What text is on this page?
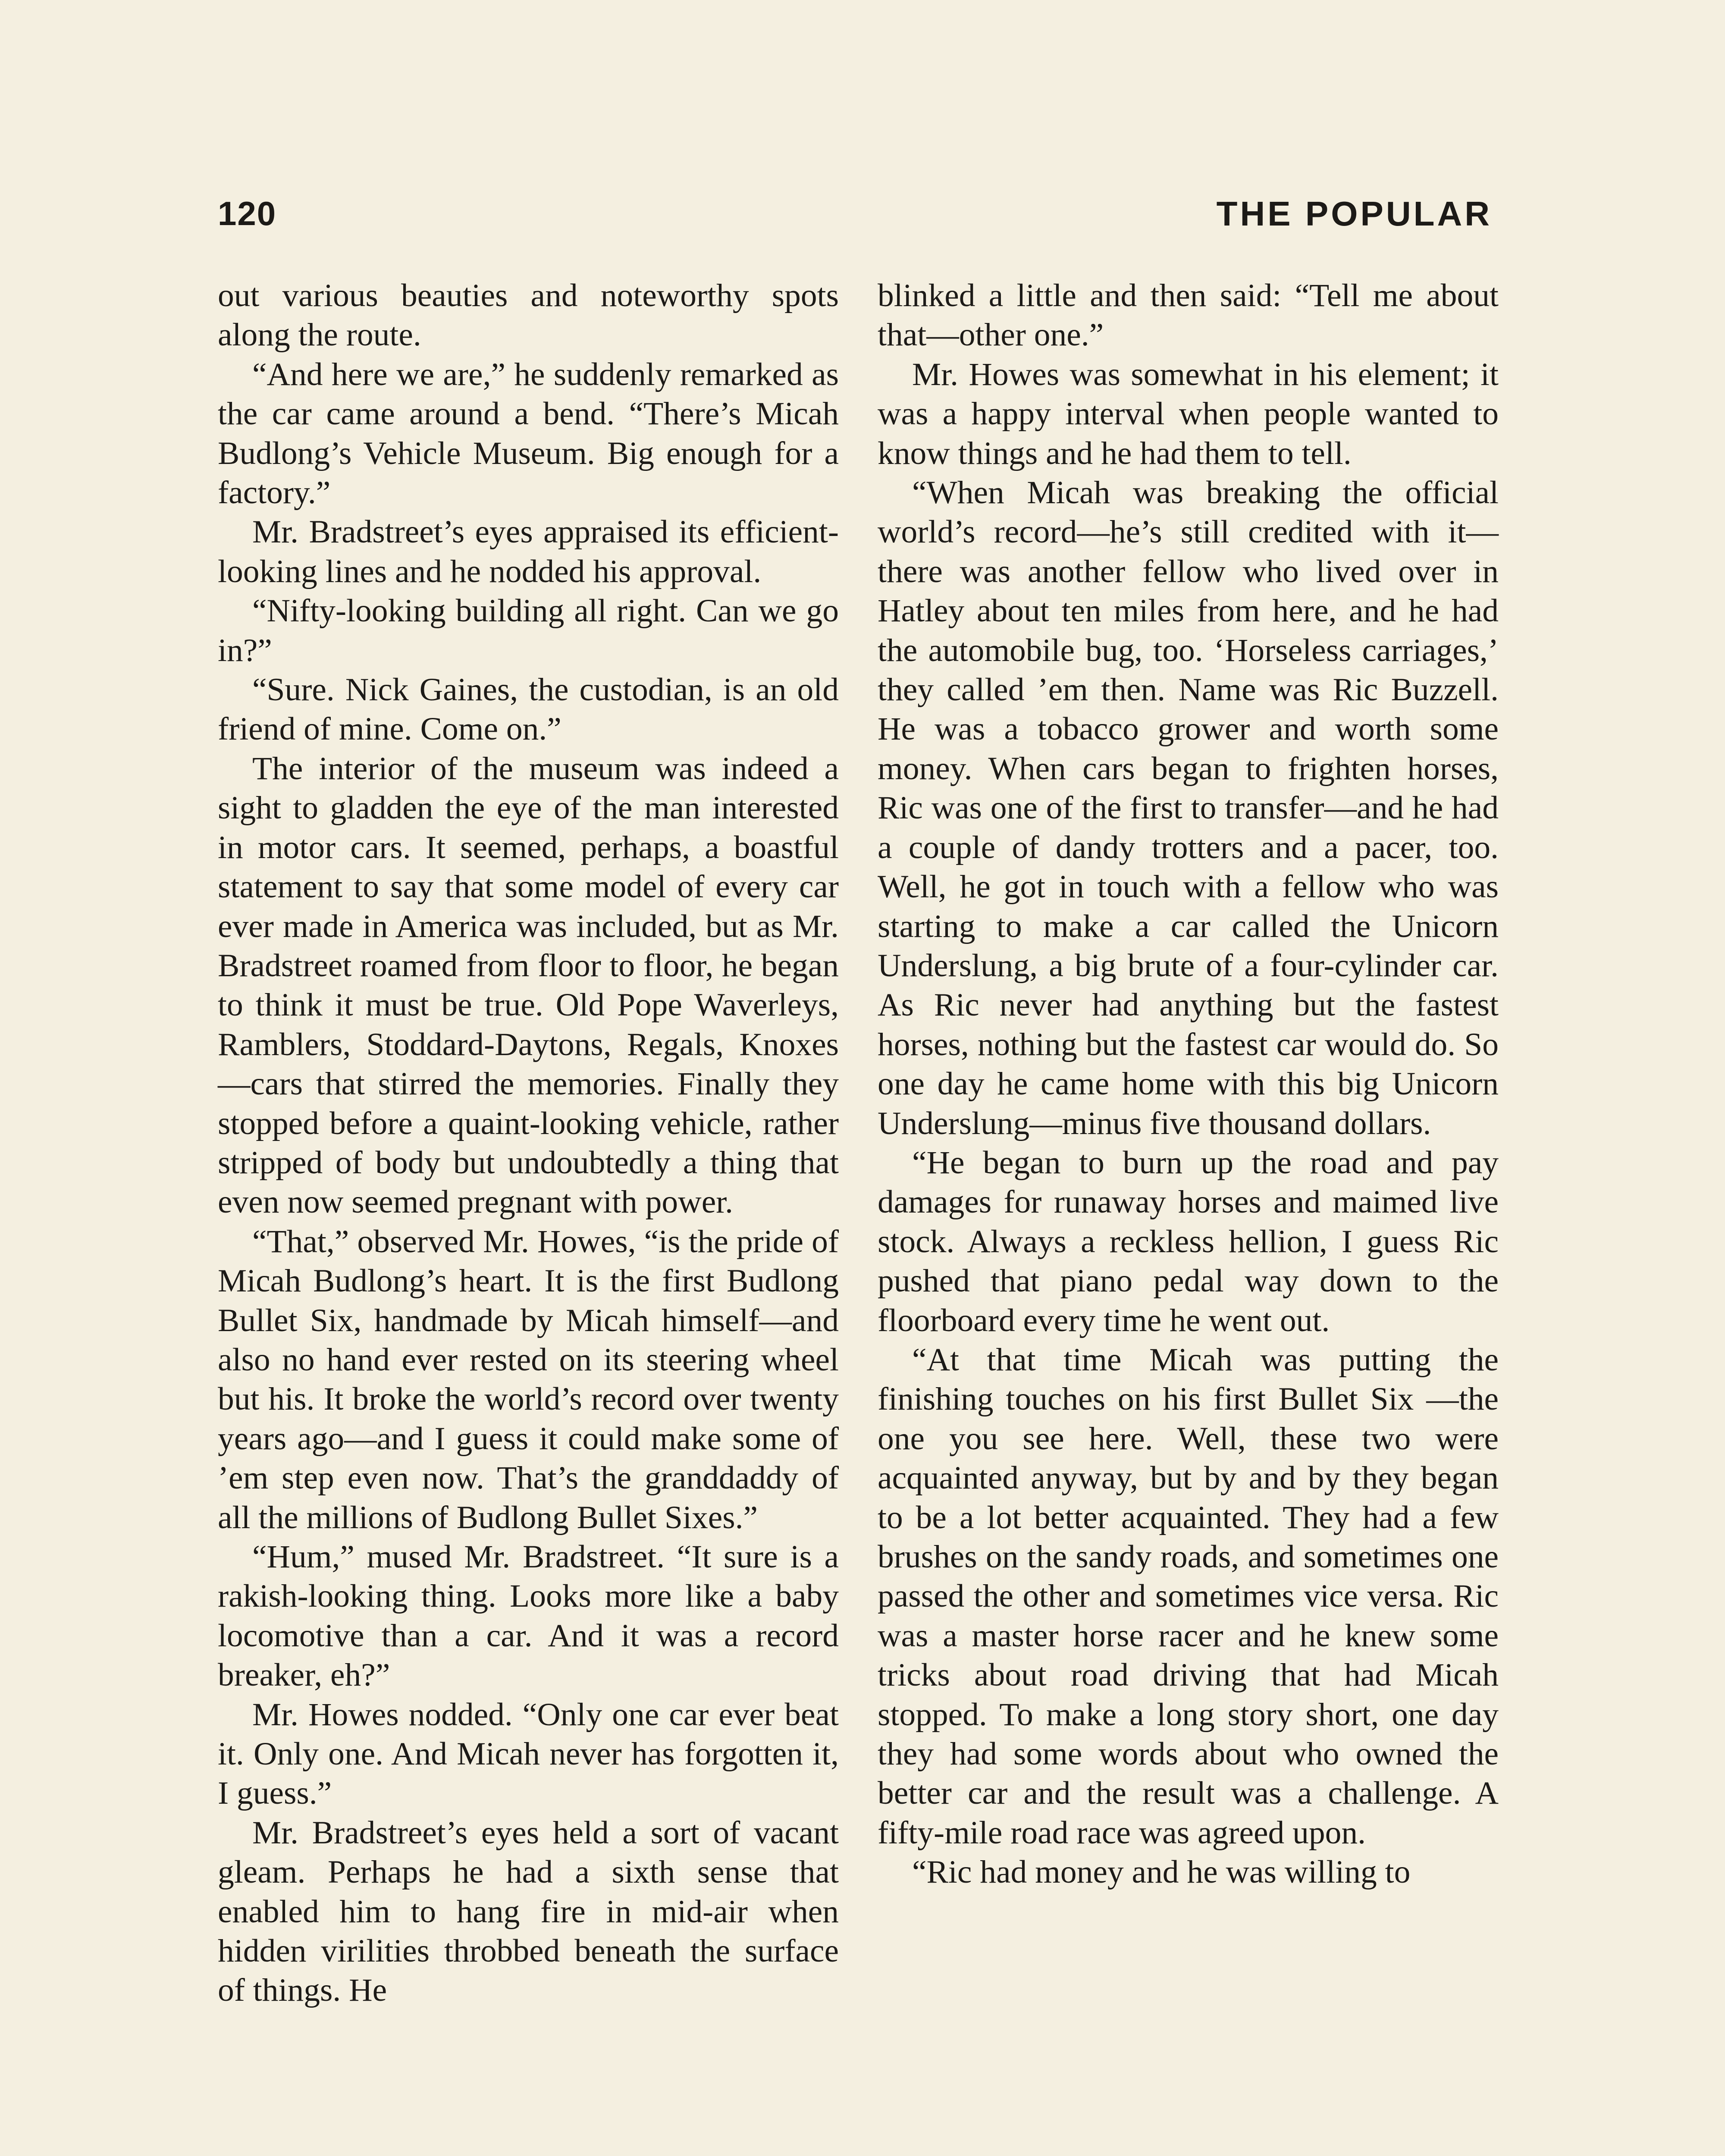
120	THE POPULAR

out various beauties and noteworthy spots along the route.

“And here we are,” he suddenly remarked as the car came around a bend. “There’s Micah Budlong’s Vehicle Museum. Big enough for a factory.”

Mr. Bradstreet’s eyes appraised its efficient-looking lines and he nodded his approval.

“Nifty-looking building all right. Can we go in?”

“Sure. Nick Gaines, the custodian, is an old friend of mine. Come on.”

The interior of the museum was indeed a sight to gladden the eye of the man interested in motor cars. It seemed, perhaps, a boastful statement to say that some model of every car ever made in America was included, but as Mr. Bradstreet roamed from floor to floor, he began to think it must be true. Old Pope Waverleys, Ramblers, Stoddard-Daytons, Regals, Knoxes—cars that stirred the memories. Finally they stopped before a quaint-looking vehicle, rather stripped of body but undoubtedly a thing that even now seemed pregnant with power.

“That,” observed Mr. Howes, “is the pride of Micah Budlong’s heart. It is the first Budlong Bullet Six, handmade by Micah himself—and also no hand ever rested on its steering wheel but his. It broke the world’s record over twenty years ago—and I guess it could make some of ’em step even now. That’s the granddaddy of all the millions of Budlong Bullet Sixes.”

“Hum,” mused Mr. Bradstreet. “It sure is a rakish-looking thing. Looks more like a baby locomotive than a car. And it was a record breaker, eh?”

Mr. Howes nodded. “Only one car ever beat it. Only one. And Micah never has forgotten it, I guess.”

Mr. Bradstreet’s eyes held a sort of vacant gleam. Perhaps he had a sixth sense that enabled him to hang fire in mid-air when hidden virilities throbbed beneath the surface of things. He

blinked a little and then said: “Tell me about that—other one.”

Mr. Howes was somewhat in his element; it was a happy interval when people wanted to know things and he had them to tell.

“When Micah was breaking the official world’s record—he’s still credited with it—there was another fellow who lived over in Hatley about ten miles from here, and he had the automobile bug, too. ‘Horseless carriages,’ they called ’em then. Name was Ric Buzzell. He was a tobacco grower and worth some money. When cars began to frighten horses, Ric was one of the first to transfer—and he had a couple of dandy trotters and a pacer, too. Well, he got in touch with a fellow who was starting to make a car called the Unicorn Underslung, a big brute of a four-cylinder car. As Ric never had anything but the fastest horses, nothing but the fastest car would do. So one day he came home with this big Unicorn Underslung—minus five thousand dollars.

“He began to burn up the road and pay damages for runaway horses and maimed live stock. Always a reckless hellion, I guess Ric pushed that piano pedal way down to the floorboard every time he went out.

“At that time Micah was putting the finishing touches on his first Bullet Six —the one you see here. Well, these two were acquainted anyway, but by and by they began to be a lot better acquainted. They had a few brushes on the sandy roads, and sometimes one passed the other and sometimes vice versa. Ric was a master horse racer and he knew some tricks about road driving that had Micah stopped. To make a long story short, one day they had some words about who owned the better car and the result was a challenge. A fifty-mile road race was agreed upon.

“Ric had money and he was willing to
